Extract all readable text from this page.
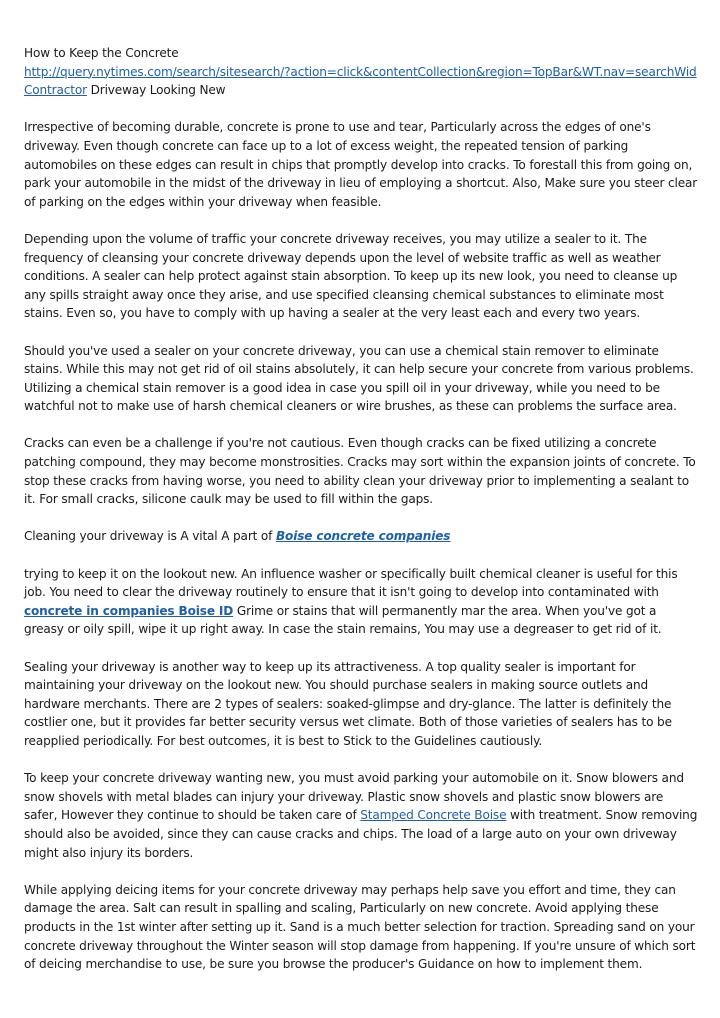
How to Keep the Concrete

http://query.nytimes.com/search/sitesearch/?action=click&contentCollection&region=TopBar&WT.nav=searchWid

Contractor Driveway Looking New

Irrespective of becoming durable, concrete is prone to use and tear, Particularly across the edges of one's driveway. Even though concrete can face up to a lot of excess weight, the repeated tension of parking automobiles on these edges can result in chips that promptly develop into cracks. To forestall this from going on, park your automobile in the midst of the driveway in lieu of employing a shortcut. Also, Make sure you steer clear of parking on the edges within your driveway when feasible.

Depending upon the volume of traffic your concrete driveway receives, you may utilize a sealer to it. The frequency of cleansing your concrete driveway depends upon the level of website traffic as well as weather conditions. A sealer can help protect against stain absorption. To keep up its new look, you need to cleanse up any spills straight away once they arise, and use specified cleansing chemical substances to eliminate most stains. Even so, you have to comply with up having a sealer at the very least each and every two years.

Should you've used a sealer on your concrete driveway, you can use a chemical stain remover to eliminate stains. While this may not get rid of oil stains absolutely, it can help secure your concrete from various problems. Utilizing a chemical stain remover is a good idea in case you spill oil in your driveway, while you need to be watchful not to make use of harsh chemical cleaners or wire brushes, as these can problems the surface area.

Cracks can even be a challenge if you're not cautious. Even though cracks can be fixed utilizing a concrete patching compound, they may become monstrosities. Cracks may sort within the expansion joints of concrete. To stop these cracks from having worse, you need to ability clean your driveway prior to implementing a sealant to it. For small cracks, silicone caulk may be used to fill within the gaps.

Cleaning your driveway is A vital A part of Boise concrete companies

trying to keep it on the lookout new. An influence washer or specifically built chemical cleaner is useful for this job. You need to clear the driveway routinely to ensure that it isn't going to develop into contaminated with concrete in companies Boise ID Grime or stains that will permanently mar the area. When you've got a greasy or oily spill, wipe it up right away. In case the stain remains, You may use a degreaser to get rid of it.

Sealing your driveway is another way to keep up its attractiveness. A top quality sealer is important for maintaining your driveway on the lookout new. You should purchase sealers in making source outlets and hardware merchants. There are 2 types of sealers: soaked-glimpse and dry-glance. The latter is definitely the costlier one, but it provides far better security versus wet climate. Both of those varieties of sealers has to be reapplied periodically. For best outcomes, it is best to Stick to the Guidelines cautiously.

To keep your concrete driveway wanting new, you must avoid parking your automobile on it. Snow blowers and snow shovels with metal blades can injury your driveway. Plastic snow shovels and plastic snow blowers are safer, However they continue to should be taken care of Stamped Concrete Boise with treatment. Snow removing should also be avoided, since they can cause cracks and chips. The load of a large auto on your own driveway might also injury its borders.

While applying deicing items for your concrete driveway may perhaps help save you effort and time, they can damage the area. Salt can result in spalling and scaling, Particularly on new concrete. Avoid applying these products in the 1st winter after setting up it. Sand is a much better selection for traction. Spreading sand on your concrete driveway throughout the Winter season will stop damage from happening. If you're unsure of which sort of deicing merchandise to use, be sure you browse the producer's Guidance on how to implement them.
